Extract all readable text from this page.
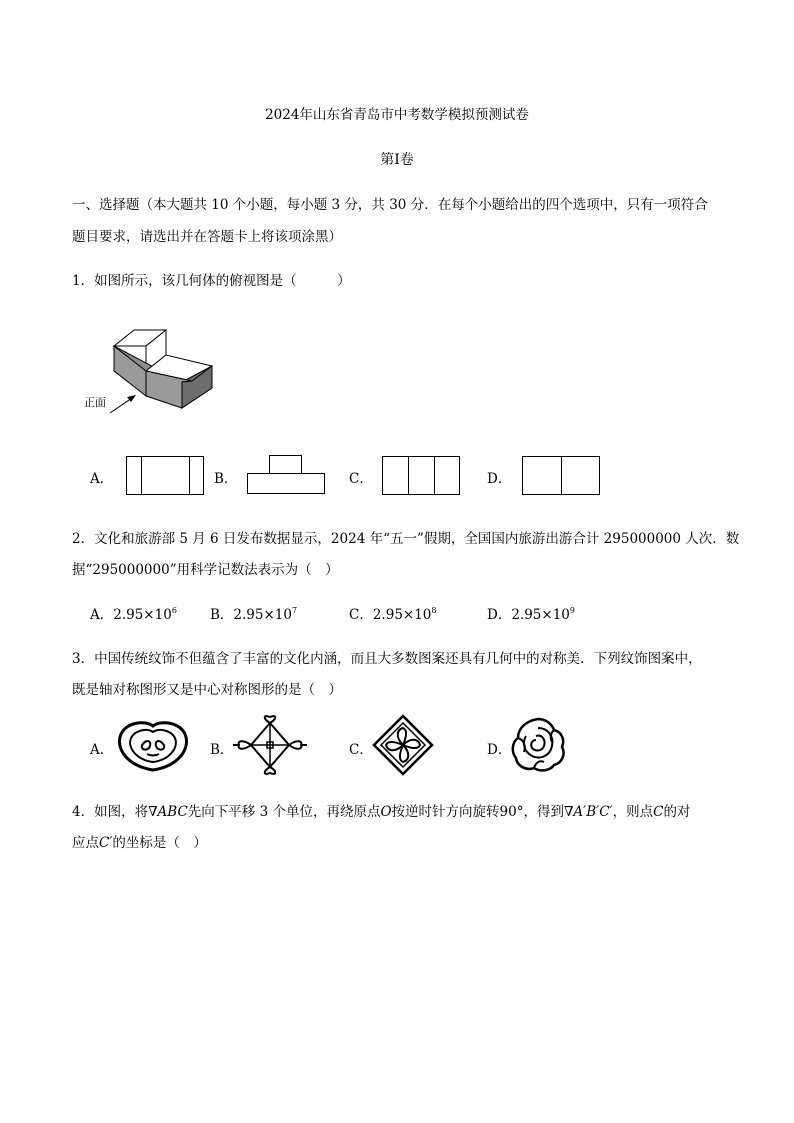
2024年山东省青岛市中考数学模拟预测试卷
第I卷
一、选择题（本大题共 10 个小题，每小题 3 分，共 30 分．在每个小题给出的四个选项中，只有一项符合
题目要求，请选出并在答题卡上将该项涂黑）
1．如图所示，该几何体的俯视图是（　　　）
正面
A．	B．	C．	D．
2．文化和旅游部 5 月 6 日发布数据显示，2024 年“五一”假期，全国国内旅游出游合计 295000000 人次．数
据“295000000”用科学记数法表示为（　）
A．$2.95\times 10^6$ B．$2.95\times 10^7$	C．$2.95\times 10^8$	D．$2.95\times 10^9$
3．中国传统纹饰不但蕴含了丰富的文化内涵，而且大多数图案还具有几何中的对称美．下列纹饰图案中，
既是轴对称图形又是中心对称图形的是（　）
A．	B．	C．	D．
4．如图，将∇ABC先向下平移 3 个单位，再绕原点O按逆时针方向旋转90°，得到∇A′B′C′，则点C的对
应点C′的坐标是（　）
